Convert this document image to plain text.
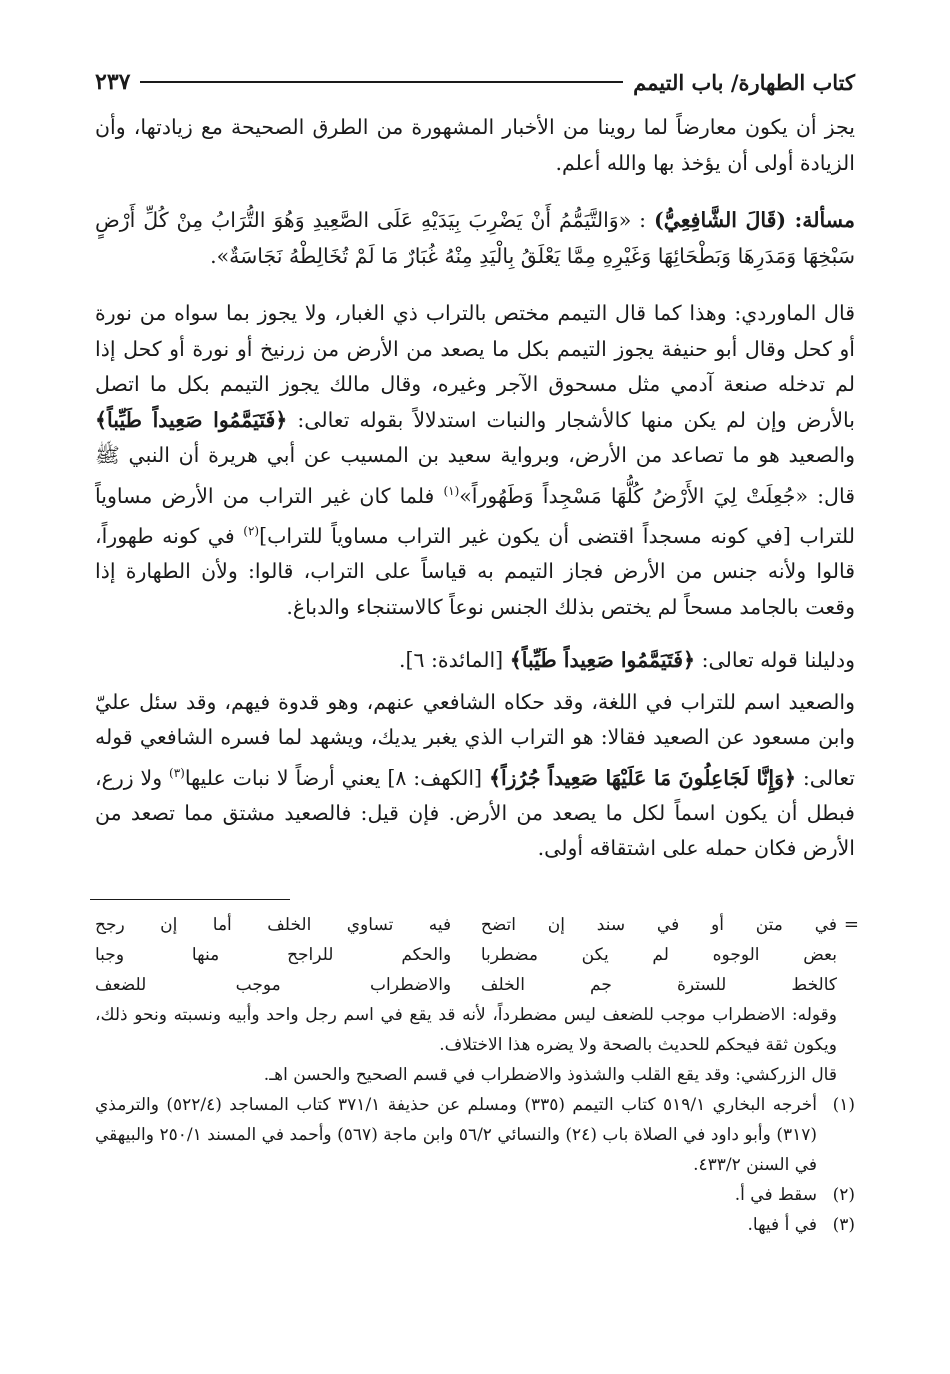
كتاب الطهارة/ باب التيمم
٢٣٧

يجز أن يكون معارضاً لما روينا من الأخبار المشهورة من الطرق الصحيحة مع زيادتها، وأن الزيادة أولى أن يؤخذ بها والله أعلم.

مسألة: (قَالَ الشَّافِعِيُّ) : «وَالتَّيَمُّمُ أَنْ يَضْرِبَ بِيَدَيْهِ عَلَى الصَّعِيدِ وَهُوَ التُّرَابُ مِنْ كُلِّ أَرْضٍ سَبْخِهَا وَمَدَرِهَا وَبَطْحَائِهَا وَغَيْرِهِ مِمَّا يَعْلَقُ بِالْيَدِ مِنْهُ غُبَارٌ مَا لَمْ تُخَالِطْهُ نَجَاسَةٌ».

قال الماوردي: وهذا كما قال التيمم مختص بالتراب ذي الغبار، ولا يجوز بما سواه من نورة أو كحل وقال أبو حنيفة يجوز التيمم بكل ما يصعد من الأرض من زرنيخ أو نورة أو كحل إذا لم تدخله صنعة آدمي مثل مسحوق الآجر وغيره، وقال مالك يجوز التيمم بكل ما اتصل بالأرض وإن لم يكن منها كالأشجار والنبات استدلالاً بقوله تعالى: ﴿فَتَيَمَّمُوا صَعِيداً طَيِّباً﴾ والصعيد هو ما تصاعد من الأرض، وبرواية سعيد بن المسيب عن أبي هريرة أن النبي ﷺ قال: «جُعِلَتْ لِيَ الأَرْضُ كُلُّهَا مَسْجِداً وَطَهُوراً»$^{(١)}$ فلما كان غير التراب من الأرض مساوياً للتراب [في كونه مسجداً اقتضى أن يكون غير التراب مساوياً للتراب]$^{(٢)}$ في كونه طهوراً، قالوا ولأنه جنس من الأرض فجاز التيمم به قياساً على التراب، قالوا: ولأن الطهارة إذا وقعت بالجامد مسحاً لم يختص بذلك الجنس نوعاً كالاستنجاء والدباغ.

ودليلنا قوله تعالى: ﴿فَتَيَمَّمُوا صَعِيداً طَيِّباً﴾ [المائدة: ٦].

والصعيد اسم للتراب في اللغة، وقد حكاه الشافعي عنهم، وهو قدوة فيهم، وقد سئل عليّ وابن مسعود عن الصعيد فقالا: هو التراب الذي يغبر يديك، ويشهد لما فسره الشافعي قوله تعالى: ﴿وَإِنَّا لَجَاعِلُونَ مَا عَلَيْهَا صَعِيداً جُرُزاً﴾ [الكهف: ٨] يعني أرضاً لا نبات عليها$^{(٣)}$ ولا زرع، فبطل أن يكون اسماً لكل ما يصعد من الأرض. فإن قيل: فالصعيد مشتق مما تصعد من الأرض فكان حمله على اشتقاقه أولى.

=
في متن أو في سند إن اتضح
فيه تساوي الخلف أما إن رجح
بعض الوجوه لم يكن مضطربا
والحكم للراجح منها وجبا
كالخط للسترة جم الخلف
والاضطراب موجب للضعف

وقوله: الاضطراب موجب للضعف ليس مضطرداً، لأنه قد يقع في اسم رجل واحد وأبيه ونسبته ونحو ذلك، ويكون ثقة فيحكم للحديث بالصحة ولا يضره هذا الاختلاف.

قال الزركشي: وقد يقع القلب والشذوذ والاضطراب في قسم الصحيح والحسن اهـ.

(١)
أخرجه البخاري ٥١٩/١ كتاب التيمم (٣٣٥) ومسلم عن حذيفة ٣٧١/١ كتاب المساجد (٥٢٢/٤) والترمذي (٣١٧) وأبو داود في الصلاة باب (٢٤) والنسائي ٥٦/٢ وابن ماجة (٥٦٧) وأحمد في المسند ٢٥٠/١ والبيهقي في السنن ٤٣٣/٢.
(٢)
سقط في أ.
(٣)
في أ فيها.
